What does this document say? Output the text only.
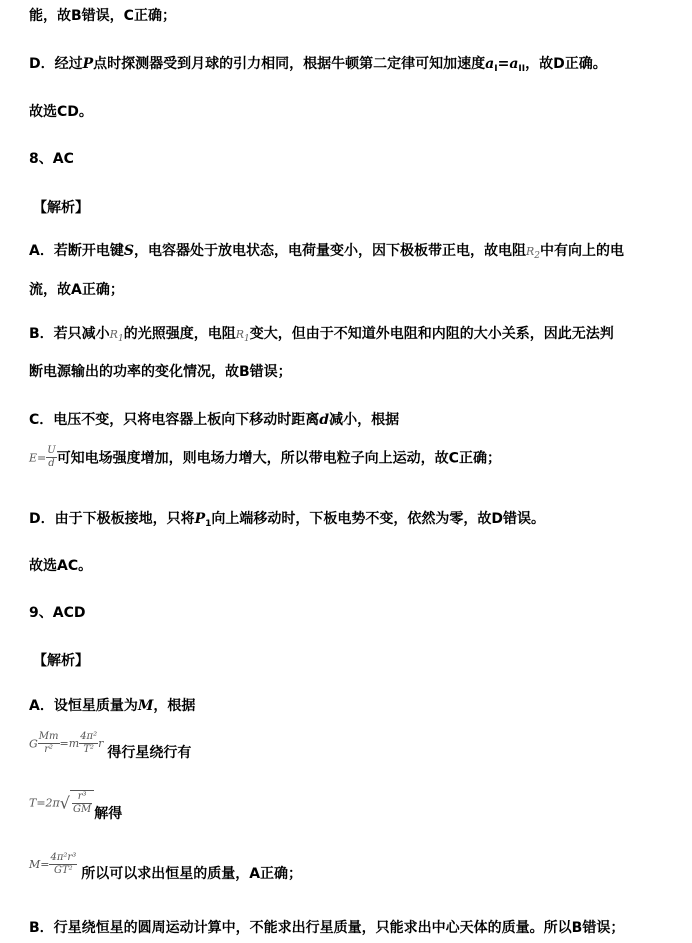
能，故B错误，C正确；
D．经过P点时探测器受到月球的引力相同，根据牛顿第二定律可知加速度$a_I=a_{II}$，故D正确。
故选CD。
8、AC
【解析】
A．若断开电键S，电容器处于放电状态，电荷量变小，因下极板带正电，故电阻$R_2$中有向上的电
流，故A正确；
B．若只减小$R_1$的光照强度，电阻$R_1$变大，但由于不知道外电阻和内阻的大小关系，因此无法判
断电源输出的功率的变化情况，故B错误；
C．电压不变，只将电容器上板向下移动时距离d减小，根据
$E= \frac{U}{d}$ 可知电场强度增加，则电场力增大，所以带电粒子向上运动，故C正确；
D．由于下极板接地，只将$P_1$向上端移动时，下板电势不变，依然为零，故D错误。
故选AC。
9、ACD
【解析】
A．设恒星质量为M，根据
G $\frac{Mm}{\text{r²}} =m \frac{\text{4π²}}{\text{T²}}$ r得行星绕行有
$T=2\pi√ \frac{\text{r³}}{GM}$ 解得
$M= \frac{\text{4π²r³}}{\text{GT²}}$ 所以可以求出恒星的质量，A正确；
B．行星绕恒星的圆周运动计算中，不能求出行星质量，只能求出中心天体的质量。所以B错误；
